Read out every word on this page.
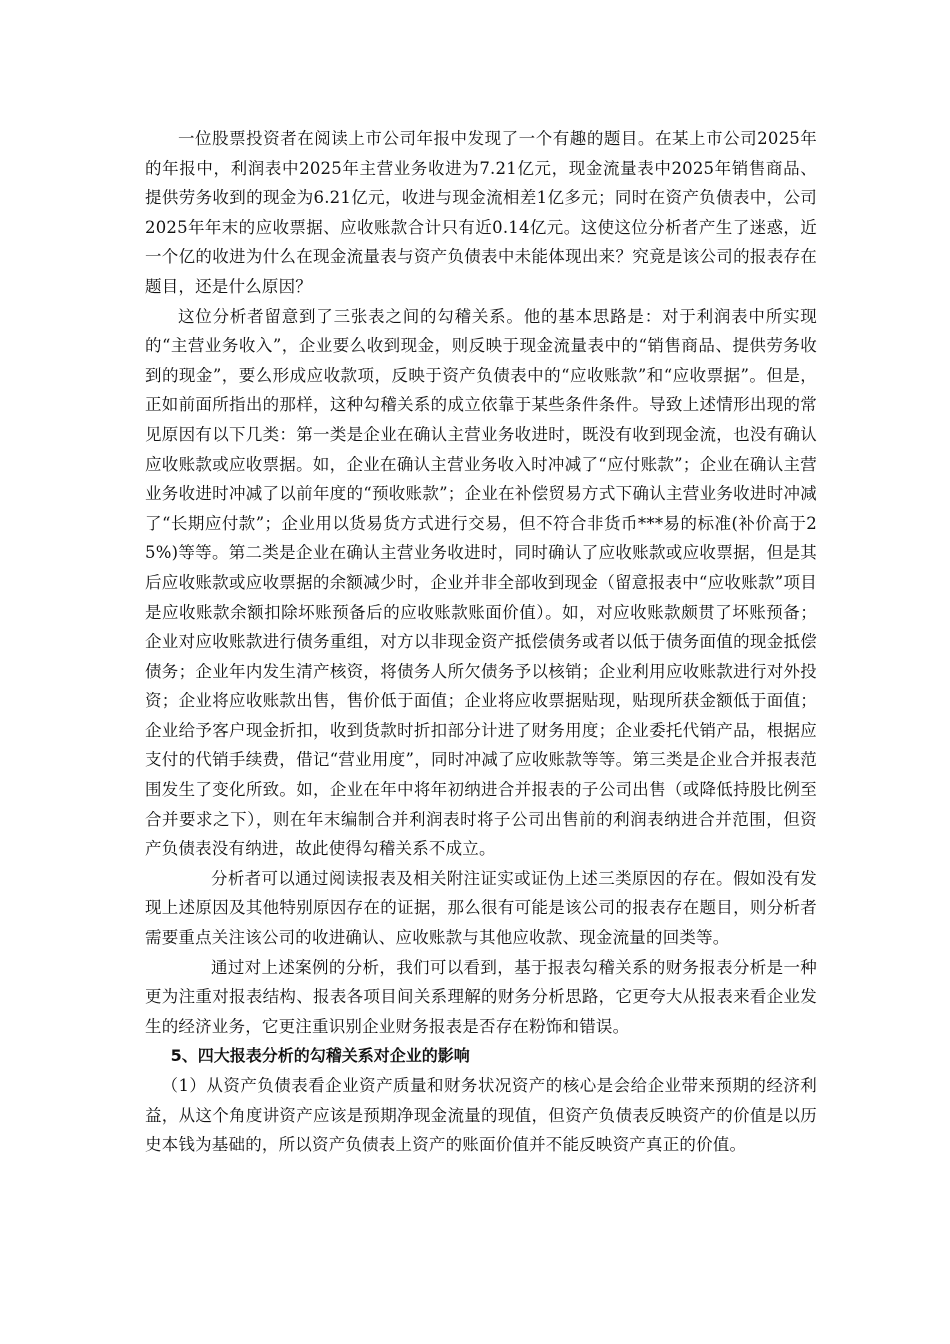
一位股票投资者在阅读上市公司年报中发现了一个有趣的题目。在某上市公司2025年的年报中，利润表中2025年主营业务收进为7.21亿元，现金流量表中2025年销售商品、提供劳务收到的现金为6.21亿元，收进与现金流相差1亿多元；同时在资产负债表中，公司2025年年末的应收票据、应收账款合计只有近0.14亿元。这使这位分析者产生了迷惑，近一个亿的收进为什么在现金流量表与资产负债表中未能体现出来？究竟是该公司的报表存在题目，还是什么原因？

这位分析者留意到了三张表之间的勾稽关系。他的基本思路是：对于利润表中所实现的“主营业务收入”，企业要么收到现金，则反映于现金流量表中的“销售商品、提供劳务收到的现金”，要么形成应收款项，反映于资产负债表中的“应收账款”和“应收票据”。但是，正如前面所指出的那样，这种勾稽关系的成立依靠于某些条件条件。导致上述情形出现的常见原因有以下几类：第一类是企业在确认主营业务收进时，既没有收到现金流，也没有确认应收账款或应收票据。如，企业在确认主营业务收入时冲减了“应付账款”；企业在确认主营业务收进时冲减了以前年度的“预收账款”；企业在补偿贸易方式下确认主营业务收进时冲减了“长期应付款”；企业用以货易货方式进行交易，但不符合非货币***易的标准(补价高于25%)等等。第二类是企业在确认主营业务收进时，同时确认了应收账款或应收票据，但是其后应收账款或应收票据的余额减少时，企业并非全部收到现金（留意报表中“应收账款”项目是应收账款余额扣除坏账预备后的应收账款账面价值）。如，对应收账款颇贯了坏账预备；企业对应收账款进行债务重组，对方以非现金资产抵偿债务或者以低于债务面值的现金抵偿债务；企业年内发生清产核资，将债务人所欠债务予以核销；企业利用应收账款进行对外投资；企业将应收账款出售，售价低于面值；企业将应收票据贴现，贴现所获金额低于面值；企业给予客户现金折扣，收到货款时折扣部分计进了财务用度；企业委托代销产品，根据应支付的代销手续费，借记“营业用度”，同时冲减了应收账款等等。第三类是企业合并报表范围发生了变化所致。如，企业在年中将年初纳进合并报表的子公司出售（或降低持股比例至合并要求之下），则在年末编制合并利润表时将子公司出售前的利润表纳进合并范围，但资产负债表没有纳进，故此使得勾稽关系不成立。

分析者可以通过阅读报表及相关附注证实或证伪上述三类原因的存在。假如没有发现上述原因及其他特别原因存在的证据，那么很有可能是该公司的报表存在题目，则分析者需要重点关注该公司的收进确认、应收账款与其他应收款、现金流量的回类等。

通过对上述案例的分析，我们可以看到，基于报表勾稽关系的财务报表分析是一种更为注重对报表结构、报表各项目间关系理解的财务分析思路，它更夸大从报表来看企业发生的经济业务，它更注重识别企业财务报表是否存在粉饰和错误。

5、四大报表分析的勾稽关系对企业的影响

（1）从资产负债表看企业资产质量和财务状况资产的核心是会给企业带来预期的经济利益，从这个角度讲资产应该是预期净现金流量的现值，但资产负债表反映资产的价值是以历史本钱为基础的，所以资产负债表上资产的账面价值并不能反映资产真正的价值。
